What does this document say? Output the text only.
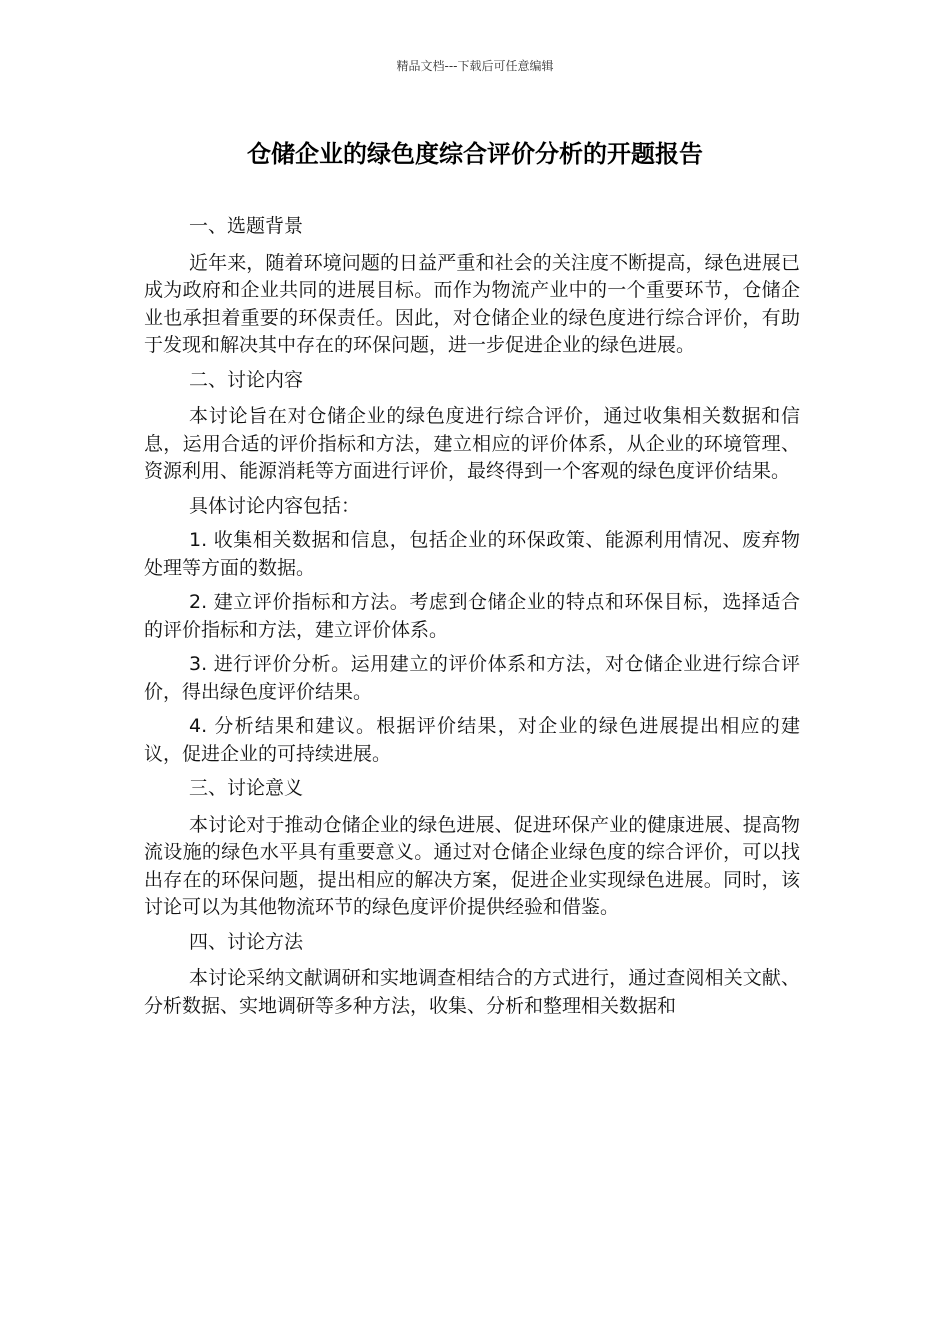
精品文档---下载后可任意编辑
仓储企业的绿色度综合评价分析的开题报告

一、选题背景

近年来，随着环境问题的日益严重和社会的关注度不断提高，绿色进展已成为政府和企业共同的进展目标。而作为物流产业中的一个重要环节，仓储企业也承担着重要的环保责任。因此，对仓储企业的绿色度进行综合评价，有助于发现和解决其中存在的环保问题，进一步促进企业的绿色进展。

二、讨论内容

本讨论旨在对仓储企业的绿色度进行综合评价，通过收集相关数据和信息，运用合适的评价指标和方法，建立相应的评价体系，从企业的环境管理、资源利用、能源消耗等方面进行评价，最终得到一个客观的绿色度评价结果。

具体讨论内容包括：

1. 收集相关数据和信息，包括企业的环保政策、能源利用情况、废弃物处理等方面的数据。

2. 建立评价指标和方法。考虑到仓储企业的特点和环保目标，选择适合的评价指标和方法，建立评价体系。

3. 进行评价分析。运用建立的评价体系和方法，对仓储企业进行综合评价，得出绿色度评价结果。

4. 分析结果和建议。根据评价结果，对企业的绿色进展提出相应的建议，促进企业的可持续进展。

三、讨论意义

本讨论对于推动仓储企业的绿色进展、促进环保产业的健康进展、提高物流设施的绿色水平具有重要意义。通过对仓储企业绿色度的综合评价，可以找出存在的环保问题，提出相应的解决方案，促进企业实现绿色进展。同时，该讨论可以为其他物流环节的绿色度评价提供经验和借鉴。

四、讨论方法

本讨论采纳文献调研和实地调查相结合的方式进行，通过查阅相关文献、分析数据、实地调研等多种方法，收集、分析和整理相关数据和
